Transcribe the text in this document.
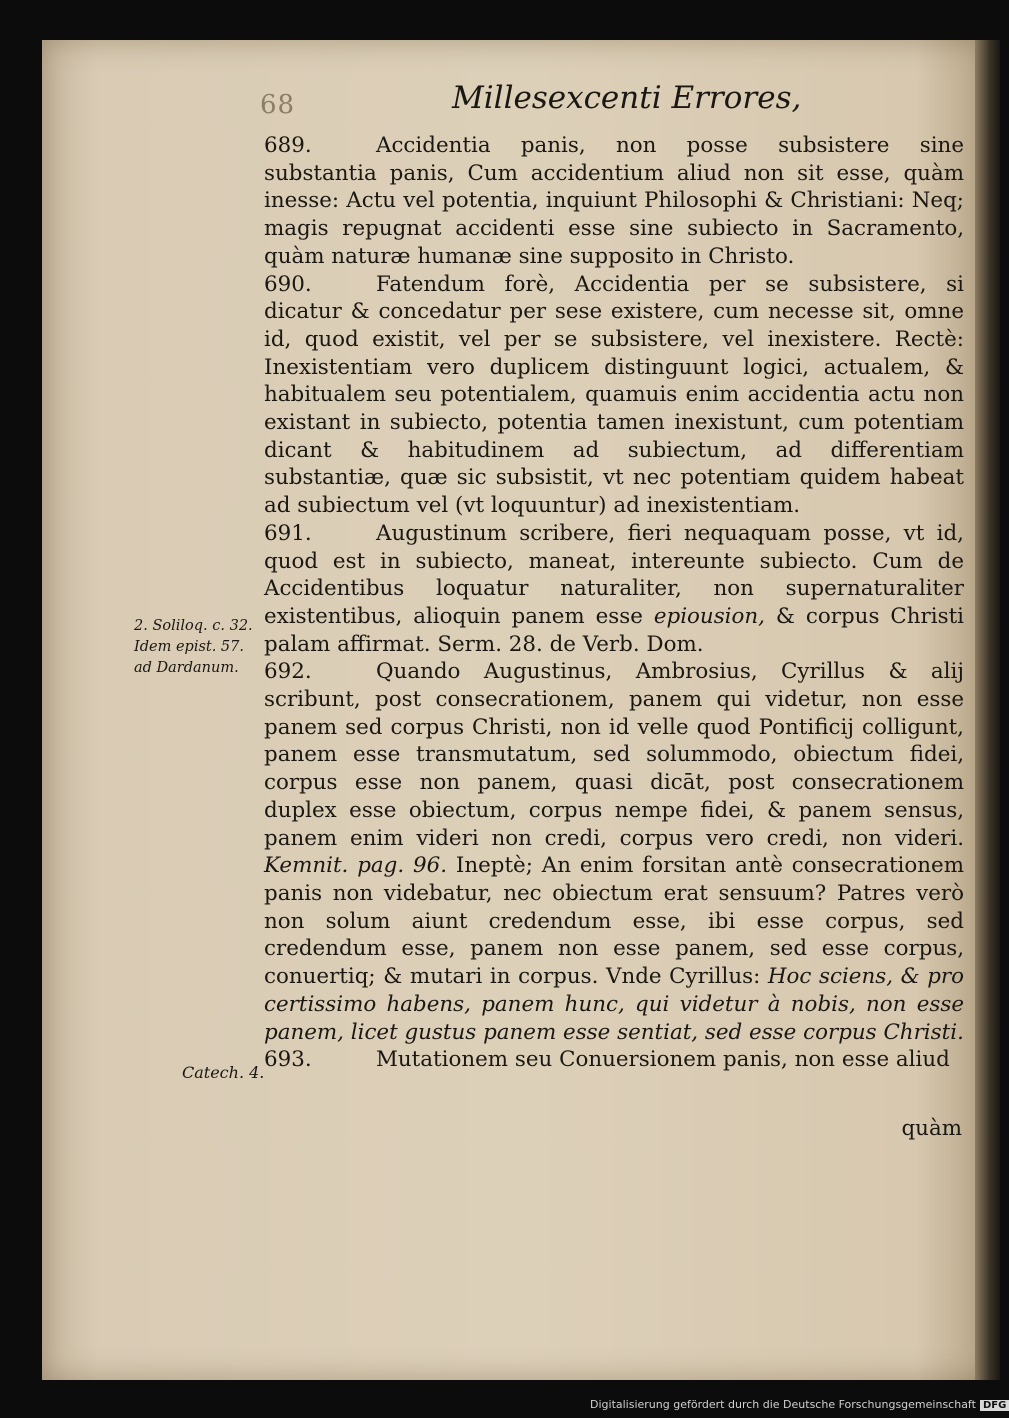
68	Millesexcenti Errores,

689.	Accidentia panis, non posse subsistere sine substantia panis, Cum accidentium aliud non sit esse, quàm inesse: Actu vel potentia, inquiunt Philosophi & Christiani: Neq; magis repugnat accidenti esse sine subiecto in Sacramento, quàm naturæ humanæ sine supposito in Christo.

690.	Fatendum forè, Accidentia per se subsistere, si dicatur & concedatur per sese existere, cum necesse sit, omne id, quod existit, vel per se subsistere, vel inexistere. Rectè: Inexistentiam vero duplicem distinguunt logici, actualem, & habitualem seu potentialem, quamuis enim accidentia actu non existant in subiecto, potentia tamen inexistunt, cum potentiam dicant & habitudinem ad subiectum, ad differentiam substantiæ, quæ sic subsistit, vt nec potentiam quidem habeat ad subiectum vel (vt loquuntur) ad inexistentiam.

691.	Augustinum scribere, fieri nequaquam posse, vt id, quod est in subiecto, maneat, intereunte subiecto. Cum de Accidentibus loquatur naturaliter, non supernaturaliter existentibus, alioquin panem esse epiousion, & corpus Christi palam affirmat. Serm. 28. de Verb. Dom.

692.	Quando Augustinus, Ambrosius, Cyrillus & alij scribunt, post consecrationem, panem qui videtur, non esse panem sed corpus Christi, non id velle quod Pontificij colligunt, panem esse transmutatum, sed solummodo, obiectum fidei, corpus esse non panem, quasi dicāt, post consecrationem duplex esse obiectum, corpus nempe fidei, & panem sensus, panem enim videri non credi, corpus vero credi, non videri. Kemnit. pag. 96. Ineptè; An enim forsitan antè consecrationem panis non videbatur, nec obiectum erat sensuum? Patres verò non solum aiunt credendum esse, ibi esse corpus, sed credendum esse, panem non esse panem, sed esse corpus, conuertiq; & mutari in corpus. Vnde Cyrillus: Hoc sciens, & pro certissimo habens, panem hunc, qui videtur à nobis, non esse panem, licet gustus panem esse sentiat, sed esse corpus Christi.

693.	Mutationem seu Conuersionem panis, non esse aliud

quàm
2. Soliloq. c. 32.
Idem epist. 57.
ad Dardanum.
Catech. 4.
Digitalisierung gefördert durch die Deutsche Forschungsgemeinschaft DFG
